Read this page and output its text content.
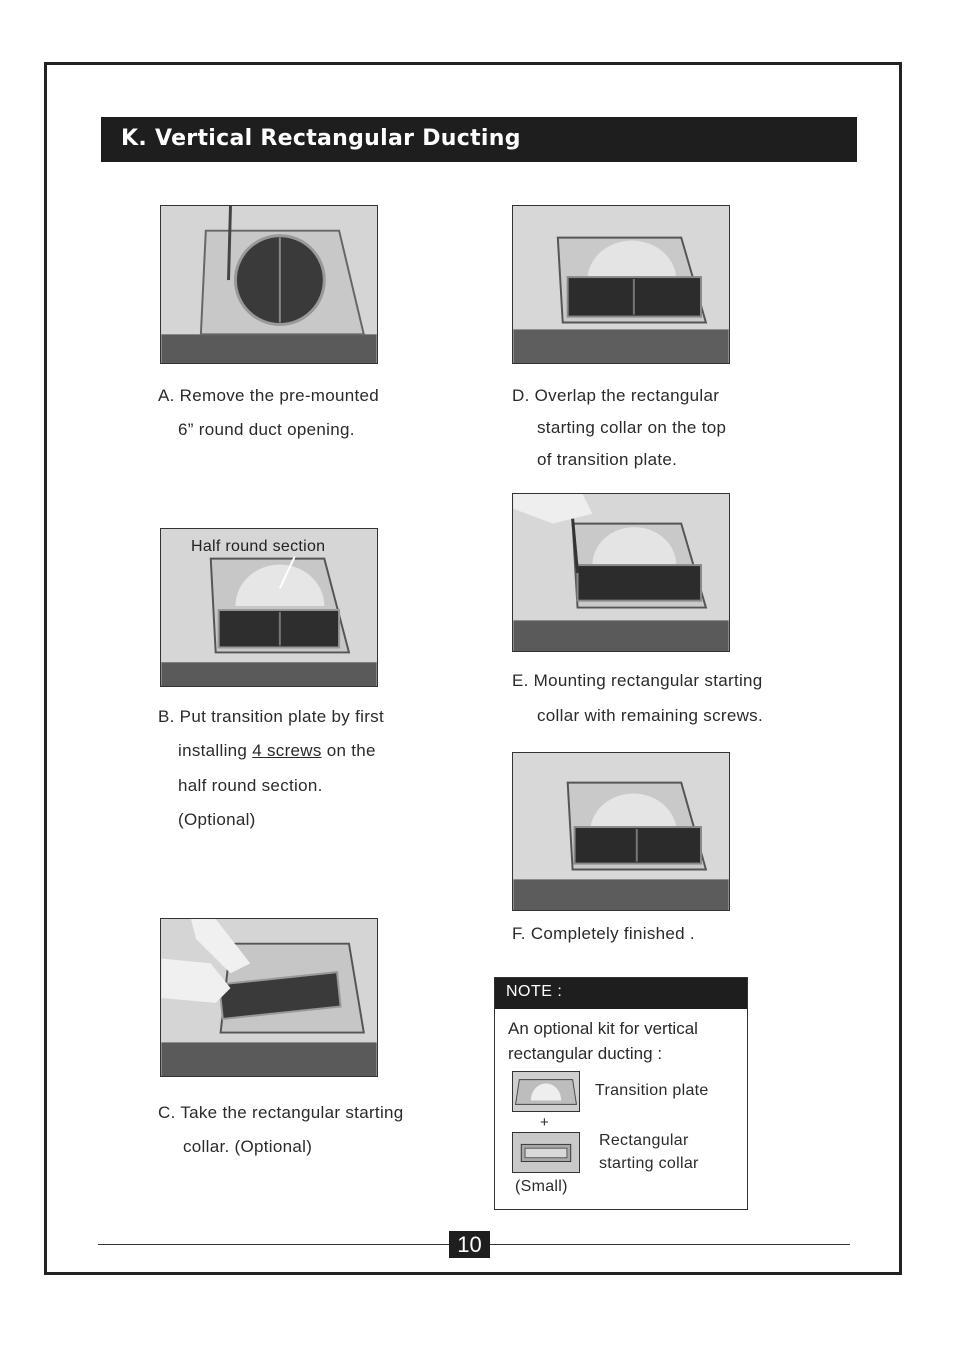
K. Vertical Rectangular Ducting
A. Remove the pre-mounted
6” round duct opening.
D. Overlap the rectangular
starting collar on the top
of transition plate.
Half round section
B. Put transition plate by first
installing 4 screws on the
half round section.
(Optional)
E. Mounting rectangular starting
collar with remaining screws.
F. Completely finished .
C. Take the rectangular starting
collar. (Optional)
NOTE :
An optional kit for vertical
rectangular ducting :
Transition plate
+
Rectangular
starting collar
(Small)
10
